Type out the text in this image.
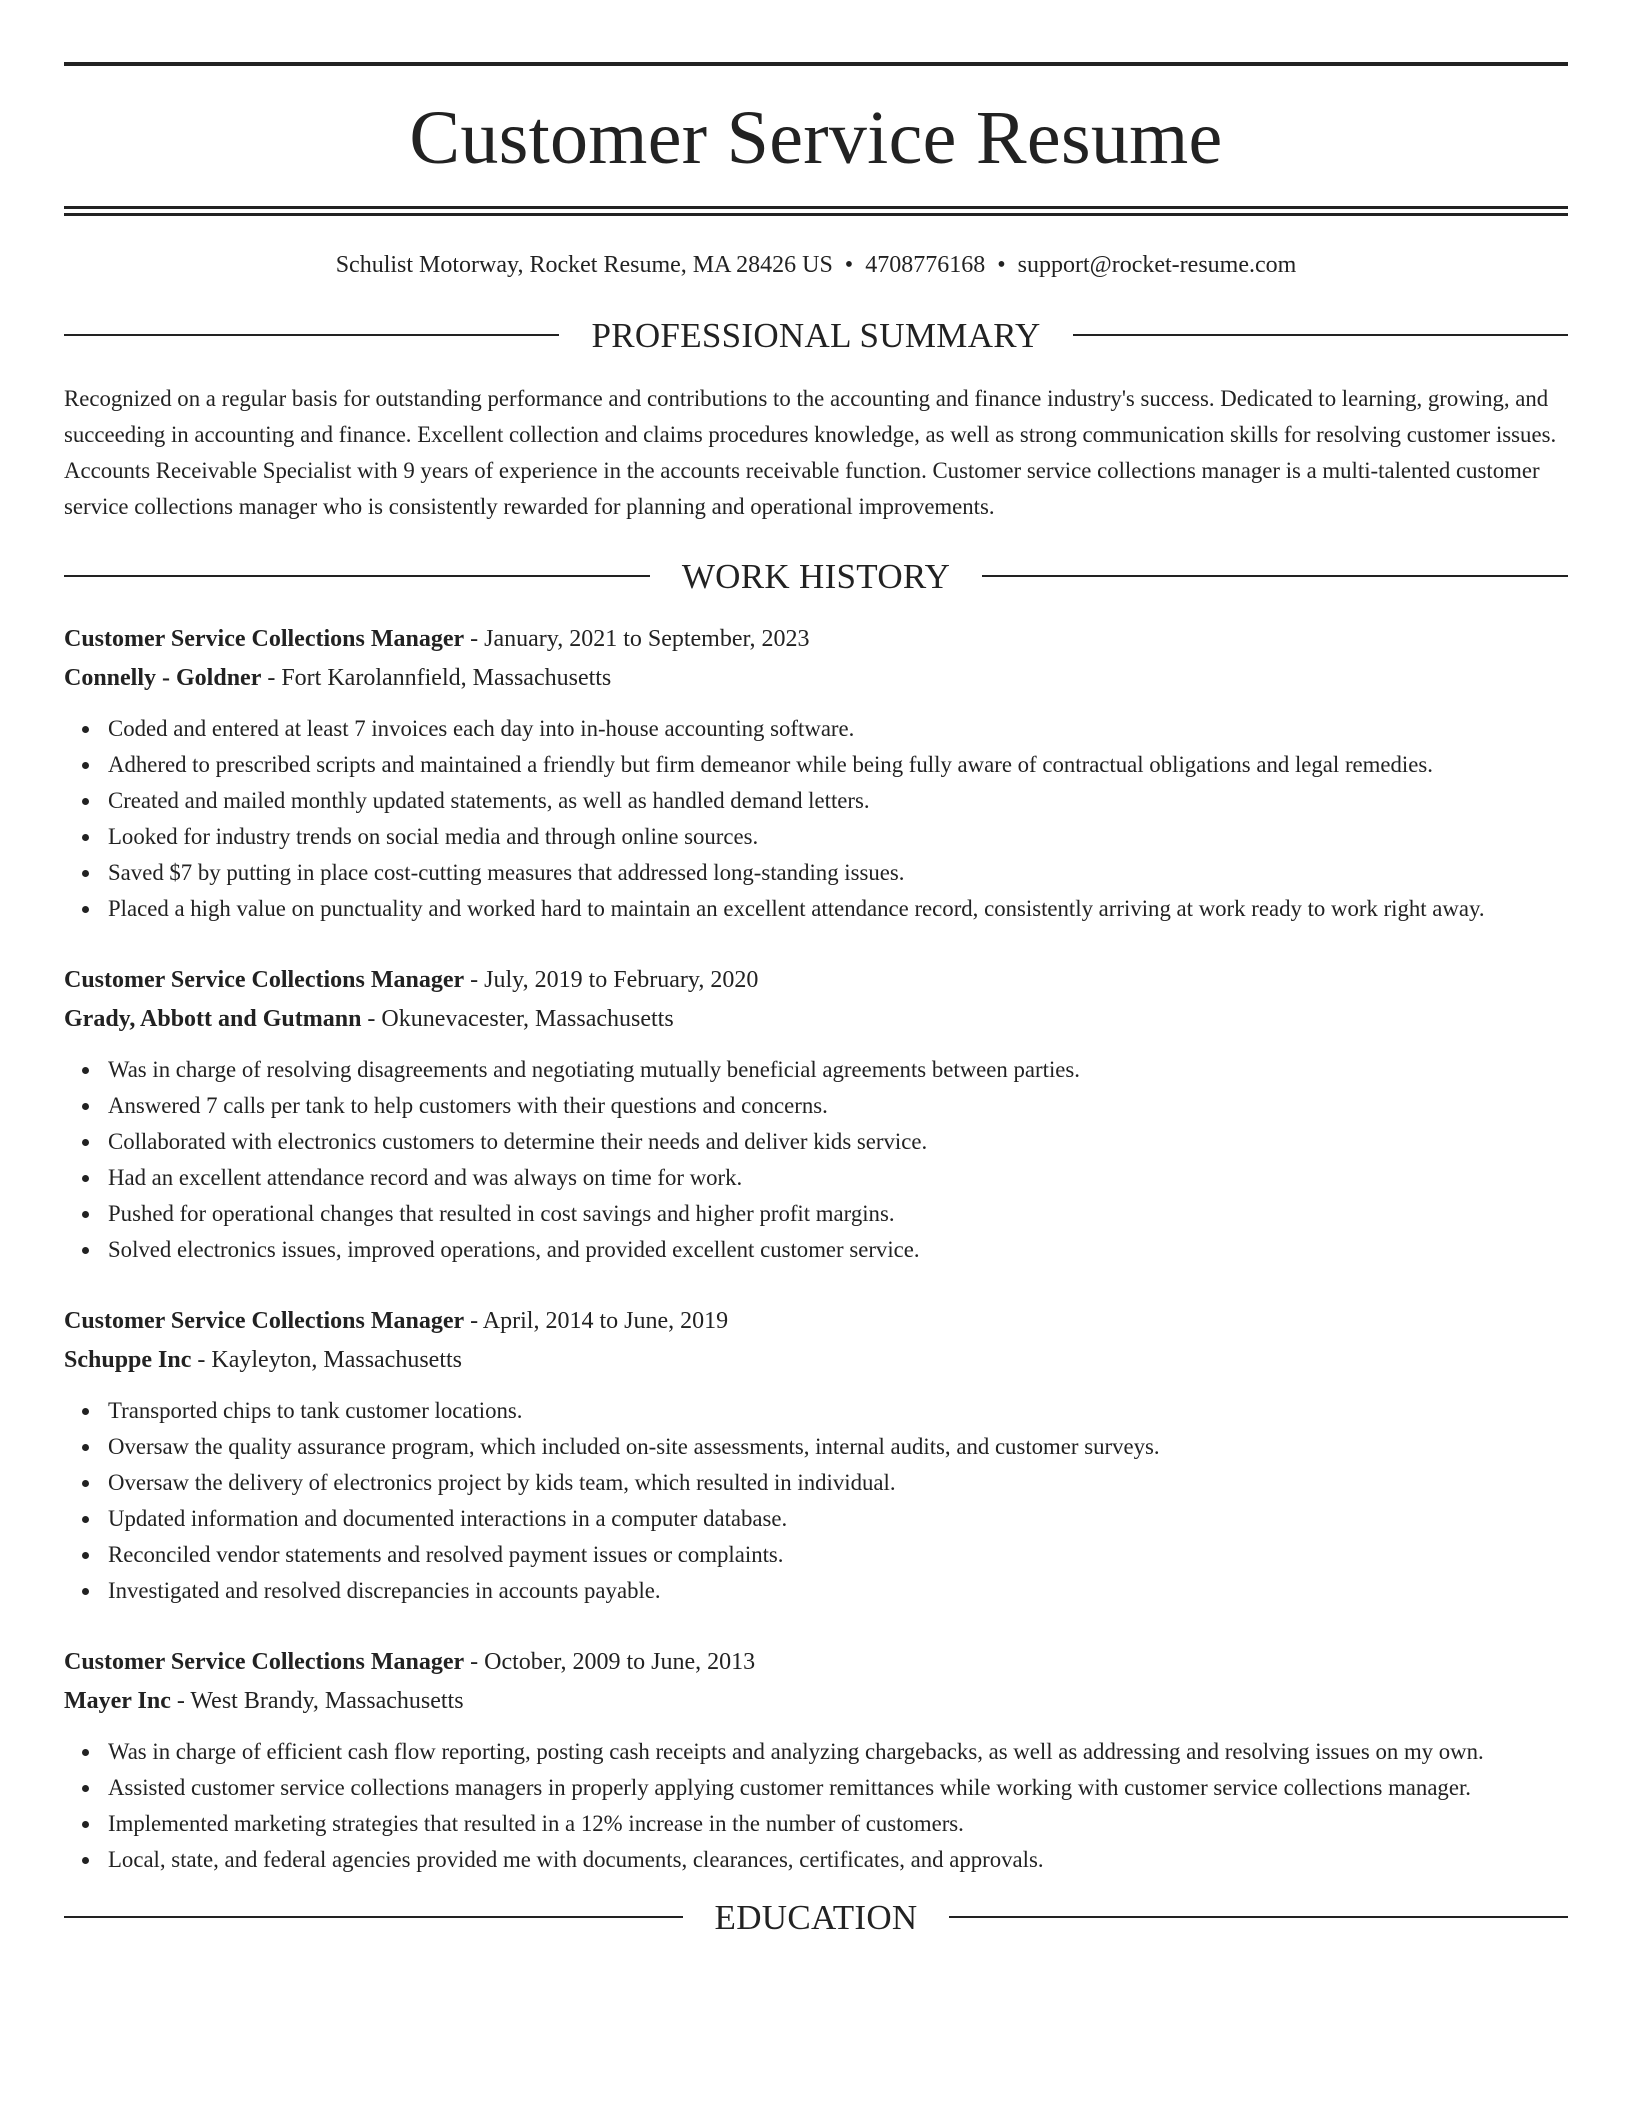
Customer Service Resume
Schulist Motorway, Rocket Resume, MA 28426 US • 4708776168 • support@rocket-resume.com
PROFESSIONAL SUMMARY
Recognized on a regular basis for outstanding performance and contributions to the accounting and finance industry's success. Dedicated to learning, growing, and succeeding in accounting and finance. Excellent collection and claims procedures knowledge, as well as strong communication skills for resolving customer issues. Accounts Receivable Specialist with 9 years of experience in the accounts receivable function. Customer service collections manager is a multi-talented customer service collections manager who is consistently rewarded for planning and operational improvements.
WORK HISTORY
Customer Service Collections Manager - January, 2021 to September, 2023
Connelly - Goldner - Fort Karolannfield, Massachusetts
Coded and entered at least 7 invoices each day into in-house accounting software.
Adhered to prescribed scripts and maintained a friendly but firm demeanor while being fully aware of contractual obligations and legal remedies.
Created and mailed monthly updated statements, as well as handled demand letters.
Looked for industry trends on social media and through online sources.
Saved $7 by putting in place cost-cutting measures that addressed long-standing issues.
Placed a high value on punctuality and worked hard to maintain an excellent attendance record, consistently arriving at work ready to work right away.
Customer Service Collections Manager - July, 2019 to February, 2020
Grady, Abbott and Gutmann - Okunevacester, Massachusetts
Was in charge of resolving disagreements and negotiating mutually beneficial agreements between parties.
Answered 7 calls per tank to help customers with their questions and concerns.
Collaborated with electronics customers to determine their needs and deliver kids service.
Had an excellent attendance record and was always on time for work.
Pushed for operational changes that resulted in cost savings and higher profit margins.
Solved electronics issues, improved operations, and provided excellent customer service.
Customer Service Collections Manager - April, 2014 to June, 2019
Schuppe Inc - Kayleyton, Massachusetts
Transported chips to tank customer locations.
Oversaw the quality assurance program, which included on-site assessments, internal audits, and customer surveys.
Oversaw the delivery of electronics project by kids team, which resulted in individual.
Updated information and documented interactions in a computer database.
Reconciled vendor statements and resolved payment issues or complaints.
Investigated and resolved discrepancies in accounts payable.
Customer Service Collections Manager - October, 2009 to June, 2013
Mayer Inc - West Brandy, Massachusetts
Was in charge of efficient cash flow reporting, posting cash receipts and analyzing chargebacks, as well as addressing and resolving issues on my own.
Assisted customer service collections managers in properly applying customer remittances while working with customer service collections manager.
Implemented marketing strategies that resulted in a 12% increase in the number of customers.
Local, state, and federal agencies provided me with documents, clearances, certificates, and approvals.
EDUCATION
